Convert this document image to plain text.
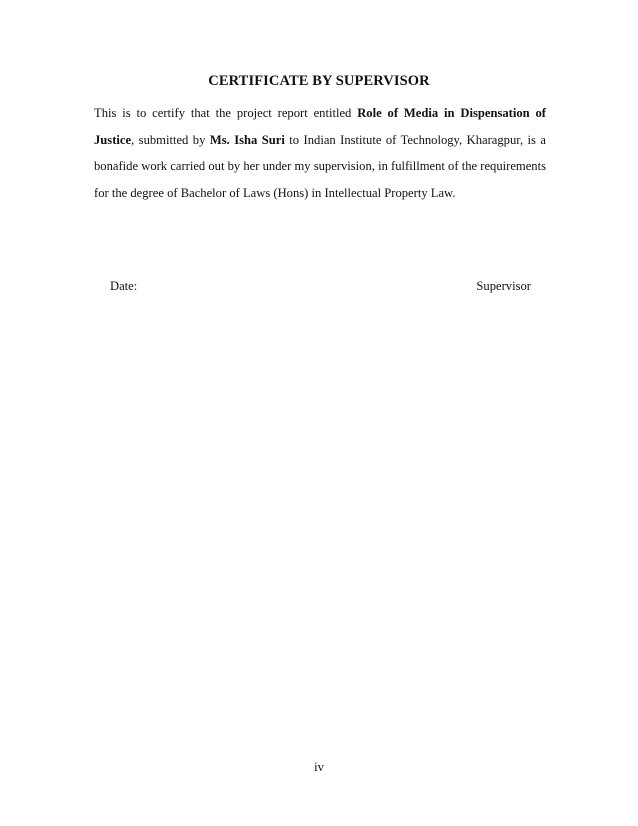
CERTIFICATE BY SUPERVISOR
This is to certify that the project report entitled Role of Media in Dispensation of
Justice, submitted by Ms. Isha Suri to Indian Institute of Technology, Kharagpur, is a
bonafide work carried out by her under my supervision, in fulfillment of the requirements
for the degree of Bachelor of Laws (Hons) in Intellectual Property Law.
Date:	Supervisor
iv
